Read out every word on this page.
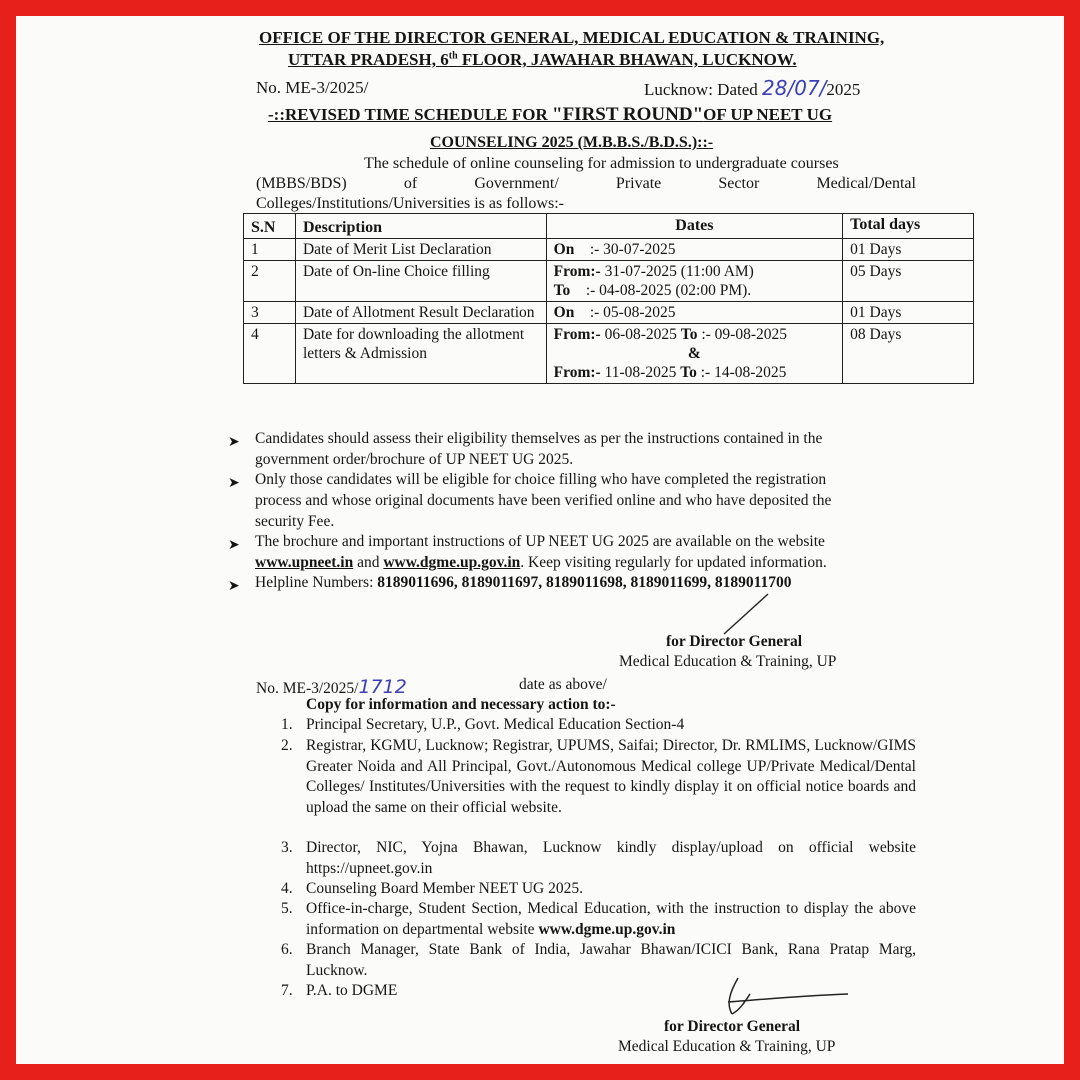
OFFICE OF THE DIRECTOR GENERAL, MEDICAL EDUCATION & TRAINING,
UTTAR PRADESH, 6th FLOOR, JAWAHAR BHAWAN, LUCKNOW.
No. ME-3/2025/	Lucknow: Dated 28/07/2025
-::REVISED TIME SCHEDULE FOR "FIRST ROUND"OF UP NEET UG
COUNSELING 2025 (M.B.B.S./B.D.S.)::-
The schedule of online counseling for admission to undergraduate courses
(MBBS/BDS)	of	Government/	Private	Sector	Medical/Dental
Colleges/Institutions/Universities is as follows:-
S.N	Description	Dates	Total days
1	Date of Merit List Declaration	On :- 30-07-2025	01 Days
2	Date of On-line Choice filling	From:- 31-07-2025 (11:00 AM)
To :- 04-08-2025 (02:00 PM).	05 Days
3	Date of Allotment Result Declaration	On :- 05-08-2025	01 Days
4	Date for downloading the allotment letters & Admission	From:- 06-08-2025 To :- 09-08-2025
&
From:- 11-08-2025 To :- 14-08-2025	08 Days
➤ Candidates should assess their eligibility themselves as per the instructions contained in the
government order/brochure of UP NEET UG 2025.
➤ Only those candidates will be eligible for choice filling who have completed the registration
process and whose original documents have been verified online and who have deposited the
security Fee.
➤ The brochure and important instructions of UP NEET UG 2025 are available on the website
www.upneet.in and www.dgme.up.gov.in. Keep visiting regularly for updated information.
➤ Helpline Numbers: 8189011696, 8189011697, 8189011698, 8189011699, 8189011700
for Director General
Medical Education & Training, UP
No. ME-3/2025/1712	date as above/
Copy for information and necessary action to:-
1. Principal Secretary, U.P., Govt. Medical Education Section-4
2. Registrar, KGMU, Lucknow; Registrar, UPUMS, Saifai; Director, Dr. RMLIMS, Lucknow/GIMS Greater Noida and All Principal, Govt./Autonomous Medical college UP/Private Medical/Dental Colleges/ Institutes/Universities with the request to kindly display it on official notice boards and upload the same on their official website.
3. Director, NIC, Yojna Bhawan, Lucknow kindly display/upload on official website https://upneet.gov.in
4. Counseling Board Member NEET UG 2025.
5. Office-in-charge, Student Section, Medical Education, with the instruction to display the above information on departmental website www.dgme.up.gov.in
6. Branch Manager, State Bank of India, Jawahar Bhawan/ICICI Bank, Rana Pratap Marg, Lucknow.
7. P.A. to DGME
for Director General
Medical Education & Training, UP
